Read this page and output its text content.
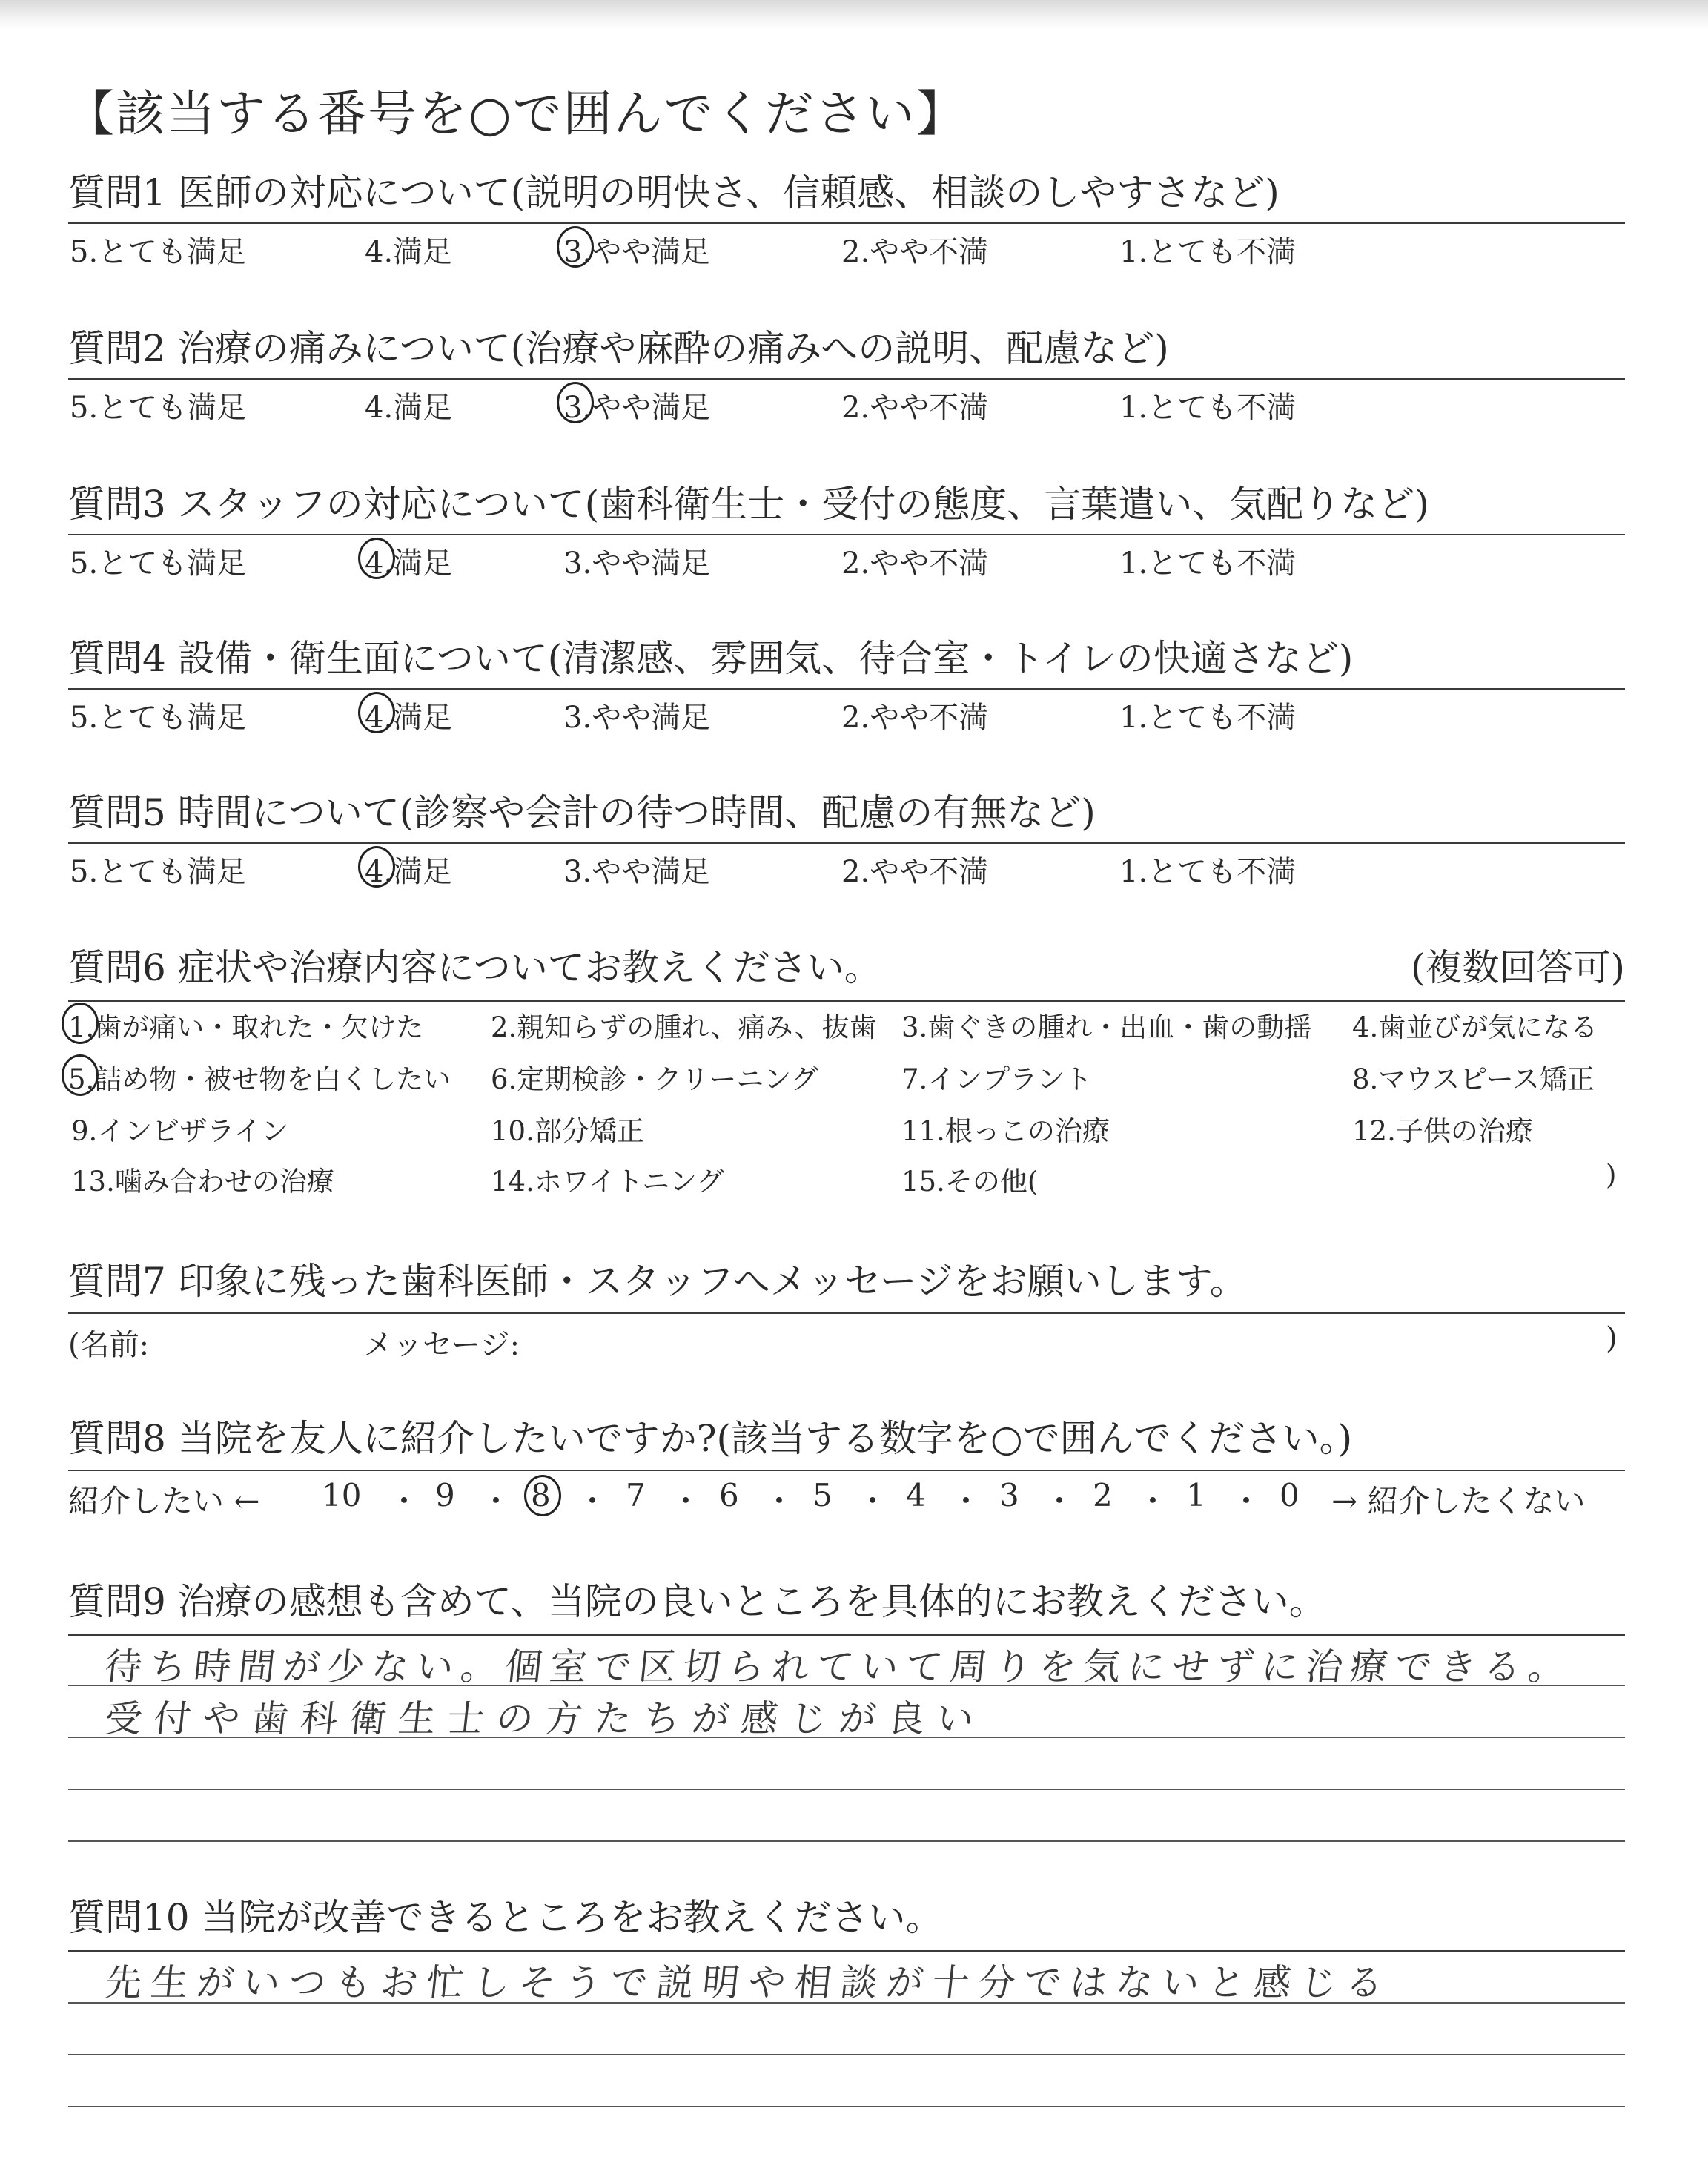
【該当する番号を○で囲んでください】
質問1 医師の対応について(説明の明快さ、信頼感、相談のしやすさなど)
5.とても満足	4.満足	3.やや満足	2.やや不満	1.とても不満
質問2 治療の痛みについて(治療や麻酔の痛みへの説明、配慮など)
5.とても満足	4.満足	3.やや満足	2.やや不満	1.とても不満
質問3 スタッフの対応について(歯科衛生士・受付の態度、言葉遣い、気配りなど)
5.とても満足	4.満足	3.やや満足	2.やや不満	1.とても不満
質問4 設備・衛生面について(清潔感、雰囲気、待合室・トイレの快適さなど)
5.とても満足	4.満足	3.やや満足	2.やや不満	1.とても不満
質問5 時間について(診察や会計の待つ時間、配慮の有無など)
5.とても満足	4.満足	3.やや満足	2.やや不満	1.とても不満
質問6 症状や治療内容についてお教えください。	(複数回答可)
1.歯が痛い・取れた・欠けた 2.親知らずの腫れ、痛み、抜歯 3.歯ぐきの腫れ・出血・歯の動揺 4.歯並びが気になる
5.詰め物・被せ物を白くしたい 6.定期検診・クリーニング	7.インプラント	8.マウスピース矯正
9.インビザライン	10.部分矯正	11.根っこの治療	12.子供の治療
13.噛み合わせの治療	14.ホワイトニング	15.その他(	)
質問7 印象に残った歯科医師・スタッフへメッセージをお願いします。
(名前:	メッセージ:	)
質問8 当院を友人に紹介したいですか?(該当する数字を○で囲んでください。)
紹介したい ← 10 ・ 9 ・ 8 ・ 7 ・ 6 ・ 5 ・ 4 ・ 3 ・ 2 ・ 1 ・ 0 → 紹介したくない
質問9 治療の感想も含めて、当院の良いところを具体的にお教えください。
待ち時間が少ない。個室で区切られていて周りを気にせずに治療できる。
受付や歯科衛生士の方たちが感じが良い
質問10 当院が改善できるところをお教えください。
先生がいつもお忙しそうで説明や相談が十分ではないと感じる
